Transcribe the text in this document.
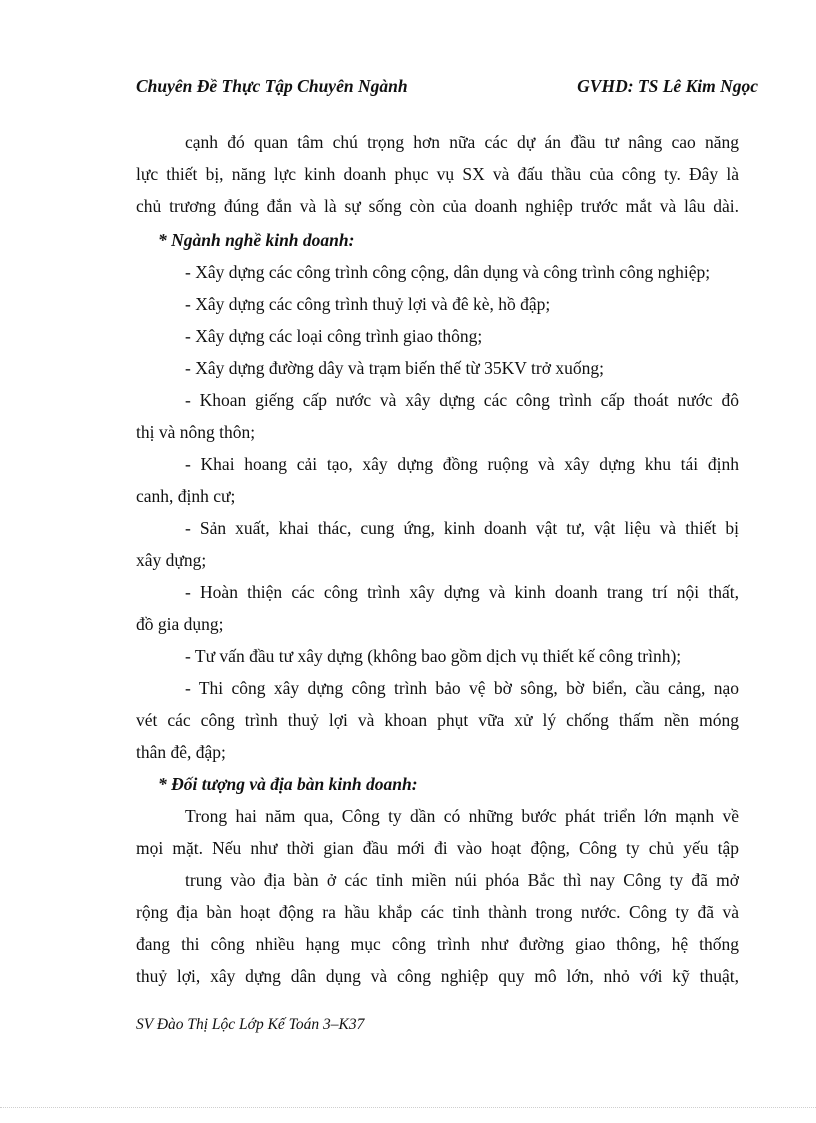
Chuyên Đề Thực Tập Chuyên Ngành	GVHD: TS Lê Kim Ngọc
cạnh đó quan tâm chú trọng hơn nữa các dự án đầu tư nâng cao năng
lực thiết bị, năng lực kinh doanh phục vụ SX và đấu thầu của công ty. Đây là
chủ trương đúng đắn và là sự sống còn của doanh nghiệp trước mắt và lâu dài.
* Ngành nghề kinh doanh:
- Xây dựng các công trình công cộng, dân dụng và công trình công nghiệp;
- Xây dựng các công trình thuỷ lợi và đê kè, hồ đập;
- Xây dựng các loại công trình giao thông;
- Xây dựng đường dây và trạm biến thế từ 35KV trở xuống;
- Khoan giếng cấp nước và xây dựng các công trình cấp thoát nước đô
thị và nông thôn;
- Khai hoang cải tạo, xây dựng đồng ruộng và xây dựng khu tái định
canh, định cư;
- Sản xuất, khai thác, cung ứng, kinh doanh vật tư, vật liệu và thiết bị
xây dựng;
- Hoàn thiện các công trình xây dựng và kinh doanh trang trí nội thất,
đồ gia dụng;
- Tư vấn đầu tư xây dựng (không bao gồm dịch vụ thiết kế công trình);
- Thi công xây dựng công trình bảo vệ bờ sông, bờ biển, cầu cảng, nạo
vét các công trình thuỷ lợi và khoan phụt vữa xử lý chống thấm nền móng
thân đê, đập;
* Đối tượng và địa bàn kinh doanh:
Trong hai năm qua, Công ty dần có những bước phát triển lớn mạnh về
mọi mặt. Nếu như thời gian đầu mới đi vào hoạt động, Công ty chủ yếu tập
trung vào địa bàn ở các tỉnh miền núi phóa Bắc thì nay Công ty đã mở
rộng địa bàn hoạt động ra hầu khắp các tỉnh thành trong nước. Công ty đã và
đang thi công nhiều hạng mục công trình như đường giao thông, hệ thống
thuỷ lợi, xây dựng dân dụng và công nghiệp quy mô lớn, nhỏ với kỹ thuật,
SV Đào Thị Lộc Lớp Kế Toán 3–K37
